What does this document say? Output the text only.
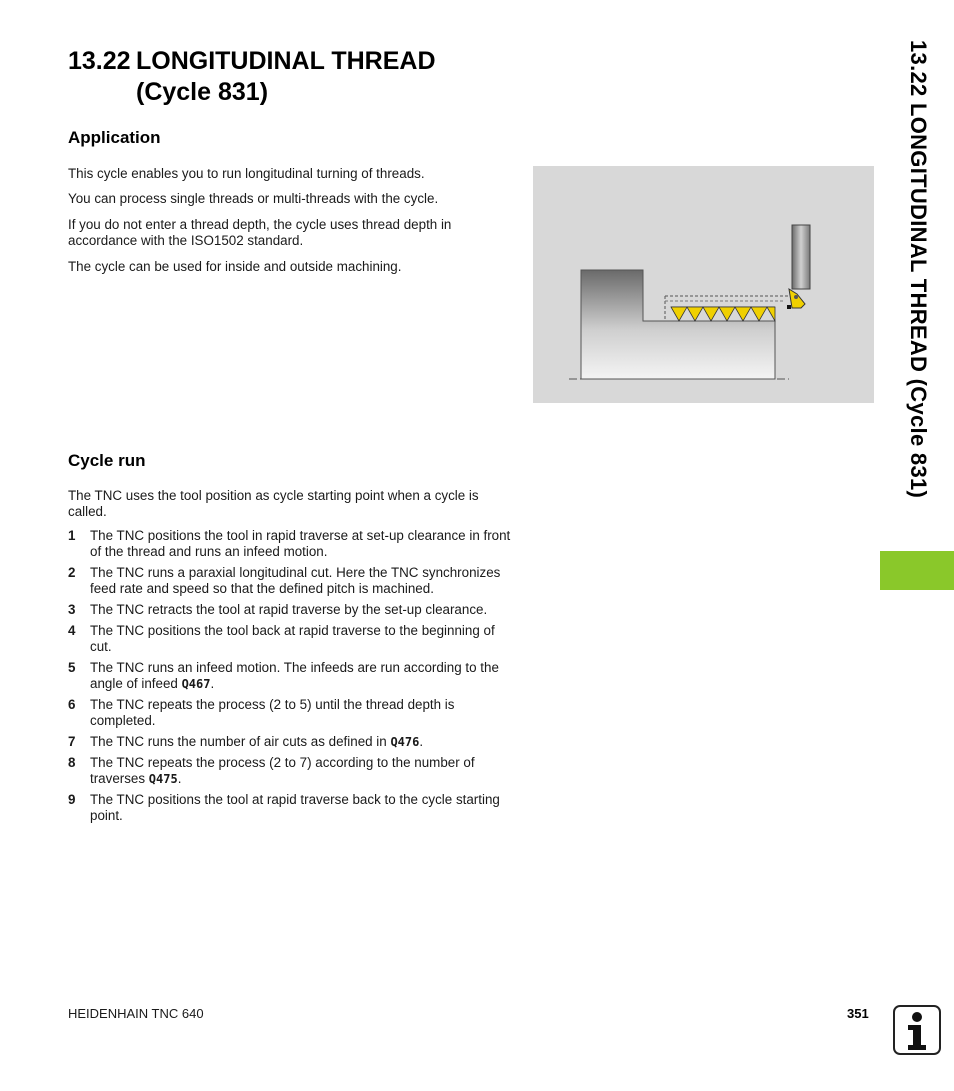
13.22 LONGITUDINAL THREAD
(Cycle 831)
Application

This cycle enables you to run longitudinal turning of threads.

You can process single threads or multi-threads with the cycle.

If you do not enter a thread depth, the cycle uses thread depth in accordance with the ISO1502 standard.

The cycle can be used for inside and outside machining.

Cycle run

The TNC uses the tool position as cycle starting point when a cycle is called.

1 The TNC positions the tool in rapid traverse at set-up clearance in front of the thread and runs an infeed motion.
2 The TNC runs a paraxial longitudinal cut. Here the TNC synchronizes feed rate and speed so that the defined pitch is machined.
3 The TNC retracts the tool at rapid traverse by the set-up clearance.
4 The TNC positions the tool back at rapid traverse to the beginning of cut.
5 The TNC runs an infeed motion. The infeeds are run according to the angle of infeed Q467.
6 The TNC repeats the process (2 to 5) until the thread depth is completed.
7 The TNC runs the number of air cuts as defined in Q476.
8 The TNC repeats the process (2 to 7) according to the number of traverses Q475.
9 The TNC positions the tool at rapid traverse back to the cycle starting point.
13.22 LONGITUDINAL THREAD (Cycle 831)
HEIDENHAIN TNC 640	351
